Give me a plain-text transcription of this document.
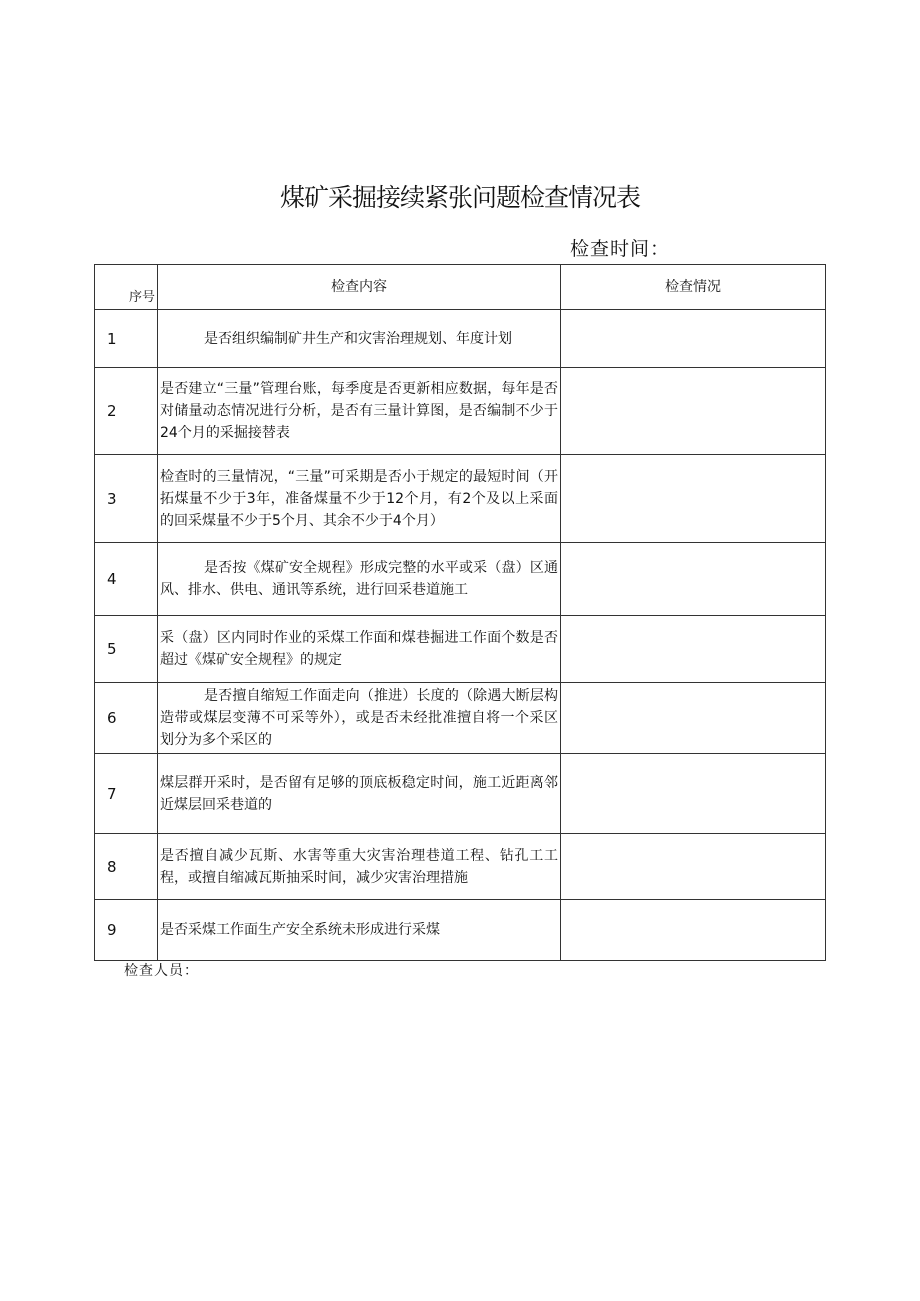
煤矿采掘接续紧张问题检查情况表
检查时间：
序号	检查内容	检查情况
1	是否组织编制矿井生产和灾害治理规划、年度计划	
2	是否建立“三量”管理台账，每季度是否更新相应数据，每年是否对储量动态情况进行分析，是否有三量计算图，是否编制不少于24个月的采掘接替表	
3	检查时的三量情况，“三量”可采期是否小于规定的最短时间（开拓煤量不少于3年，准备煤量不少于12个月，有2个及以上采面的回采煤量不少于5个月、其余不少于4个月）	
4	是否按《煤矿安全规程》形成完整的水平或采（盘）区通风、排水、供电、通讯等系统，进行回采巷道施工	
5	采（盘）区内同时作业的采煤工作面和煤巷掘进工作面个数是否超过《煤矿安全规程》的规定	
6	是否擅自缩短工作面走向（推进）长度的（除遇大断层构造带或煤层变薄不可采等外），或是否未经批准擅自将一个采区划分为多个采区的	
7	煤层群开采时，是否留有足够的顶底板稳定时间，施工近距离邻近煤层回采巷道的	
8	是否擅自减少瓦斯、水害等重大灾害治理巷道工程、钻孔工工程，或擅自缩减瓦斯抽采时间，减少灾害治理措施	
9	是否采煤工作面生产安全系统未形成进行采煤	
检查人员：
